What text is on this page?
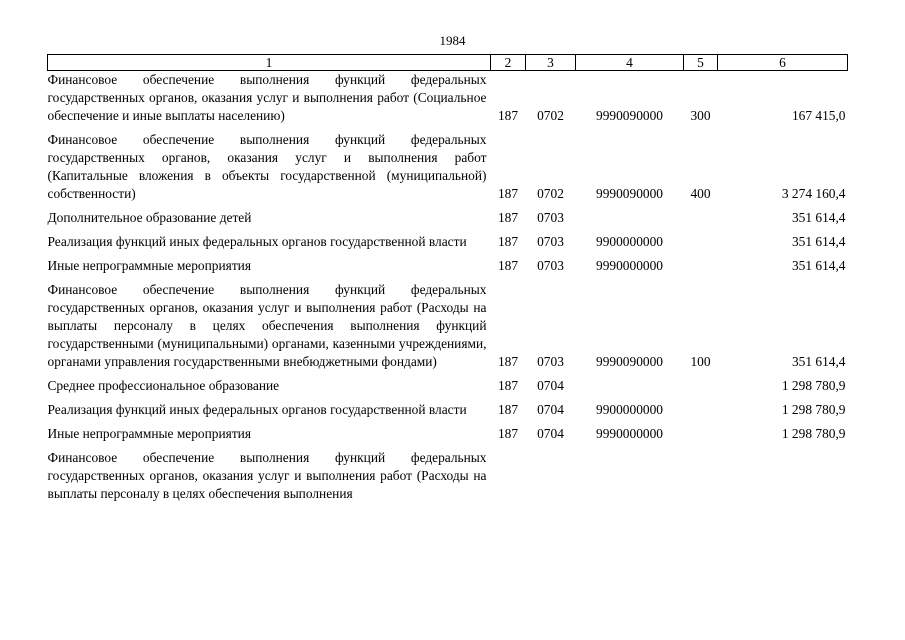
1984
1	2	3	4	5	6
Финансовое обеспечение выполнения функций федеральных государственных органов, оказания услуг и выполнения работ (Социальное обеспечение и иные выплаты населению)	187	0702	9990090000	300	167 415,0
Финансовое обеспечение выполнения функций федеральных государственных органов, оказания услуг и выполнения работ (Капитальные вложения в объекты государственной (муниципальной) собственности)	187	0702	9990090000	400	3 274 160,4
Дополнительное образование детей	187	0703			351 614,4
Реализация функций иных федеральных органов государственной власти	187	0703	9900000000		351 614,4
Иные непрограммные мероприятия	187	0703	9990000000		351 614,4
Финансовое обеспечение выполнения функций федеральных государственных органов, оказания услуг и выполнения работ (Расходы на выплаты персоналу в целях обеспечения выполнения функций государственными (муниципальными) органами, казенными учреждениями, органами управления государственными внебюджетными фондами)	187	0703	9990090000	100	351 614,4
Среднее профессиональное образование	187	0704			1 298 780,9
Реализация функций иных федеральных органов государственной власти	187	0704	9900000000		1 298 780,9
Иные непрограммные мероприятия	187	0704	9990000000		1 298 780,9
Финансовое обеспечение выполнения функций федеральных государственных органов, оказания услуг и выполнения работ (Расходы на выплаты персоналу в целях обеспечения выполнения					
